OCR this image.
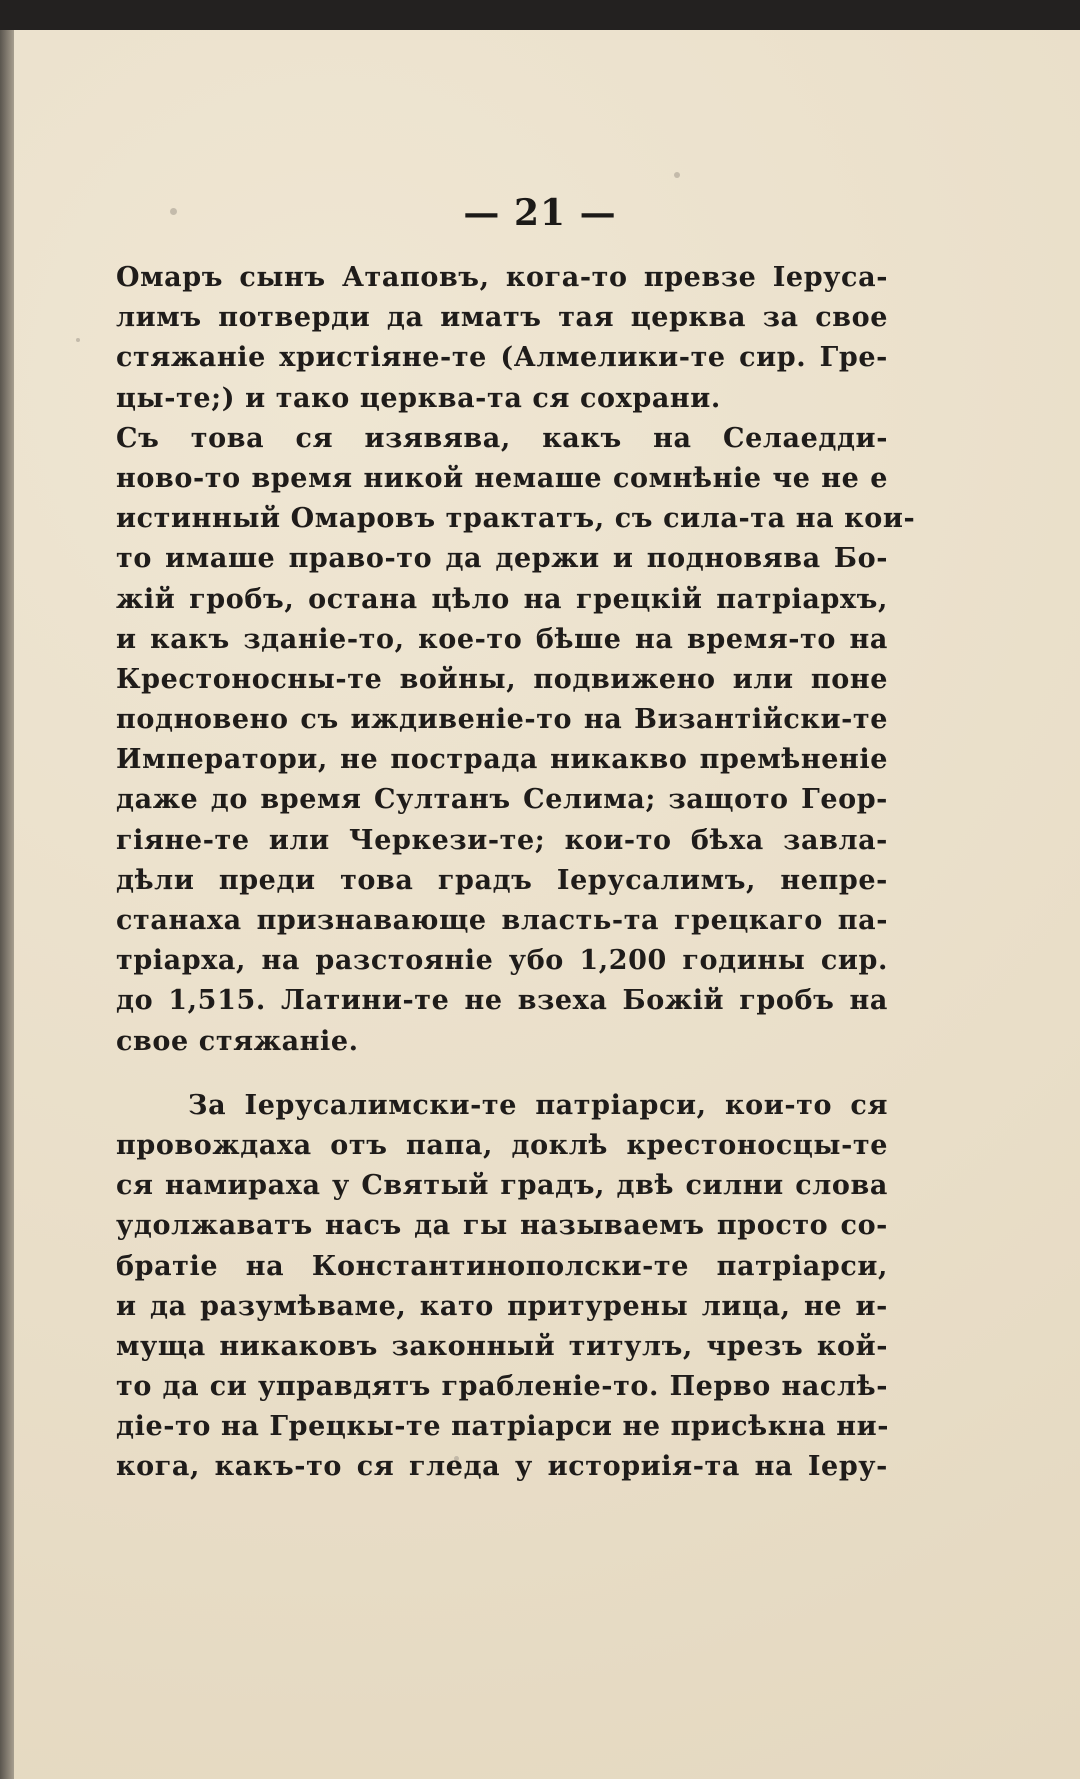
— 21 —
Омаръ сынъ Атаповъ, кога-то превзе Іеруса-
лимъ потверди да иматъ тая церква за свое
стяжаніе христіяне-те (Алмелики-те сир. Гре-
цы-те;) и тако церква-та ся сохрани.
Съ това ся изявява, какъ на Селаедди-
ново-то время никой немаше сомнѣніе че не е
истинный Омаровъ трактатъ, съ сила-та на кои-
то имаше право-то да держи и подновява Бо-
жій гробъ, остана цѣло на грецкій патріархъ,
и какъ зданіе-то, кое-то бѣше на время-то на
Крестоносны-те войны, подвижено или поне
подновено съ иждивеніе-то на Византійски-те
Императори, не пострада никакво премѣненіе
даже до время Султанъ Селима; защото Геор-
гіяне-те или Черкези-те; кои-то бѣха завла-
дѣли преди това градъ Іерусалимъ, непре-
станаха признавающе власть-та грецкаго па-
тріарха, на разстояніе убо 1,200 годины сир.
до 1,515. Латини-те не взеха Божій гробъ на
свое стяжаніе.
За Іерусалимски-те патріарси, кои-то ся
провождаха отъ папа, доклѣ крестоносцы-те
ся намираха у Святый градъ, двѣ силни слова
удолжаватъ насъ да гы называемъ просто со-
братіе на Константинополски-те патріарси,
и да разумѣваме, като притурены лица, не и-
муща никаковъ законный титулъ, чрезъ кой-
то да си управдятъ грабленіе-то. Перво наслѣ-
діе-то на Грецкы-те патріарси не присѣкна ни-
кога, какъ-то ся гледа у историія-та на Іеру-
